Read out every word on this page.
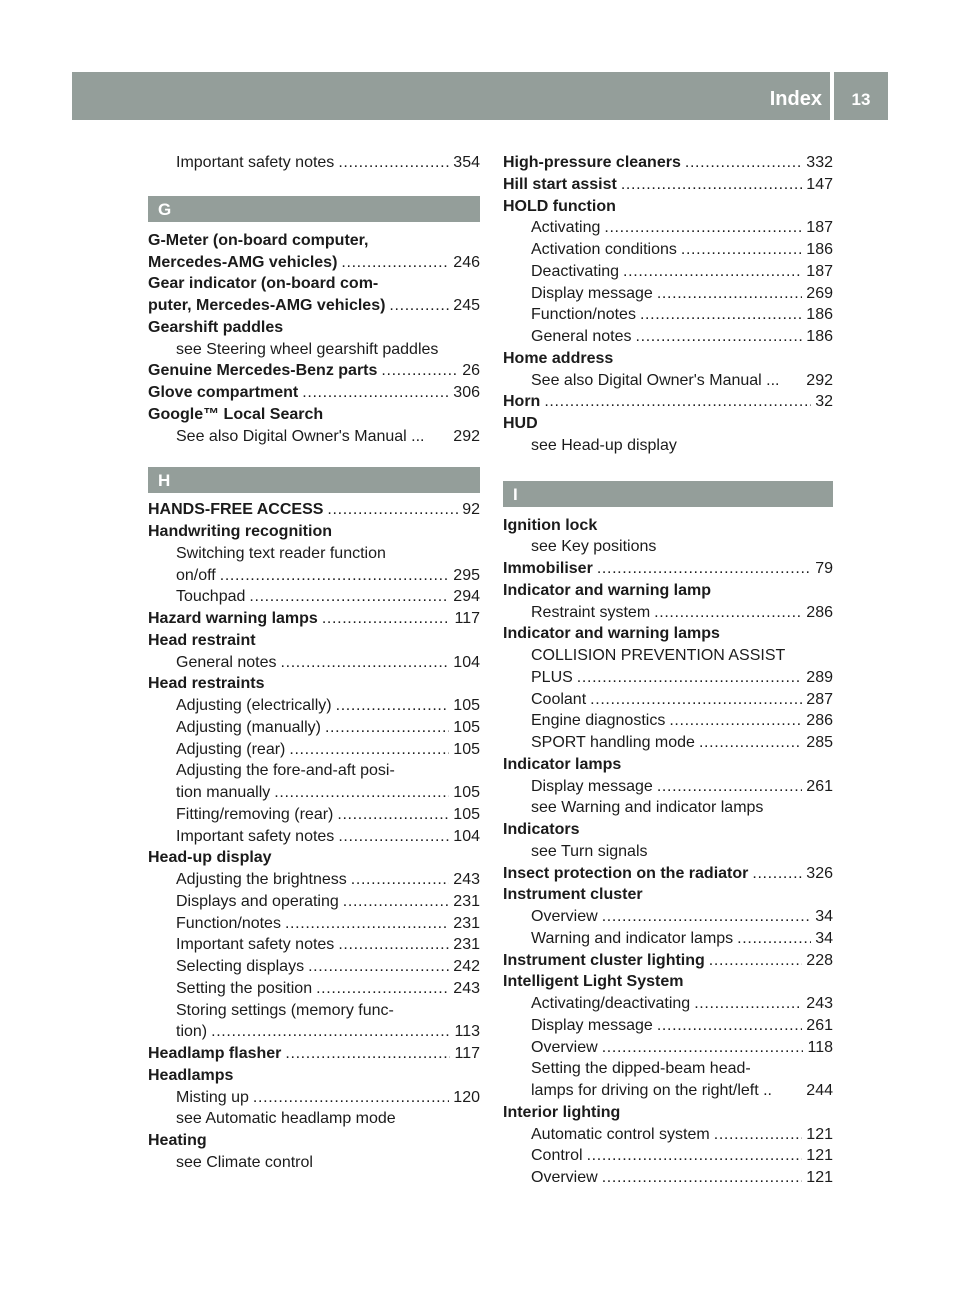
Index	13
Important safety notes . . .	354
G
G-Meter (on-board computer,
Mercedes-AMG vehicles) . . .	246
Gear indicator (on-board com-
puter, Mercedes-AMG vehicles) . . .	245
Gearshift paddles
see Steering wheel gearshift paddles
Genuine Mercedes-Benz parts . . .	26
Glove compartment . . .	306
Google™ Local Search
See also Digital Owner's Manual ... 292
H
HANDS-FREE ACCESS . . .	92
Handwriting recognition
Switching text reader function
on/off . . .	295
Touchpad . . .	294
Hazard warning lamps . . .	117
Head restraint
General notes . . .	104
Head restraints
Adjusting (electrically) . . .	105
Adjusting (manually) . . .	105
Adjusting (rear) . . .	105
Adjusting the fore-and-aft posi-
tion manually . . .	105
Fitting/removing (rear) . . .	105
Important safety notes . . .	104
Head-up display
Adjusting the brightness . . .	243
Displays and operating . . .	231
Function/notes . . .	231
Important safety notes . . .	231
Selecting displays . . .	242
Setting the position . . .	243
Storing settings (memory func-
tion) . . .	113
Headlamp flasher . . .	117
Headlamps
Misting up . . .	120
see Automatic headlamp mode
Heating
see Climate control
High-pressure cleaners . . .	332
Hill start assist . . .	147
HOLD function
Activating . . .	187
Activation conditions . . .	186
Deactivating . . .	187
Display message . . .	269
Function/notes . . .	186
General notes . . .	186
Home address
See also Digital Owner's Manual ... 292
Horn . . .	32
HUD
see Head-up display
I
Ignition lock
see Key positions
Immobiliser . . .	79
Indicator and warning lamp
Restraint system . . .	286
Indicator and warning lamps
COLLISION PREVENTION ASSIST
PLUS . . .	289
Coolant . . .	287
Engine diagnostics . . .	286
SPORT handling mode . . .	285
Indicator lamps
Display message . . .	261
see Warning and indicator lamps
Indicators
see Turn signals
Insect protection on the radiator . . .	326
Instrument cluster
Overview . . .	34
Warning and indicator lamps . . .	34
Instrument cluster lighting . . .	228
Intelligent Light System
Activating/deactivating . . .	243
Display message . . .	261
Overview . . .	118
Setting the dipped-beam head-
lamps for driving on the right/left .. 244
Interior lighting
Automatic control system . . .	121
Control . . .	121
Overview . . .	121
